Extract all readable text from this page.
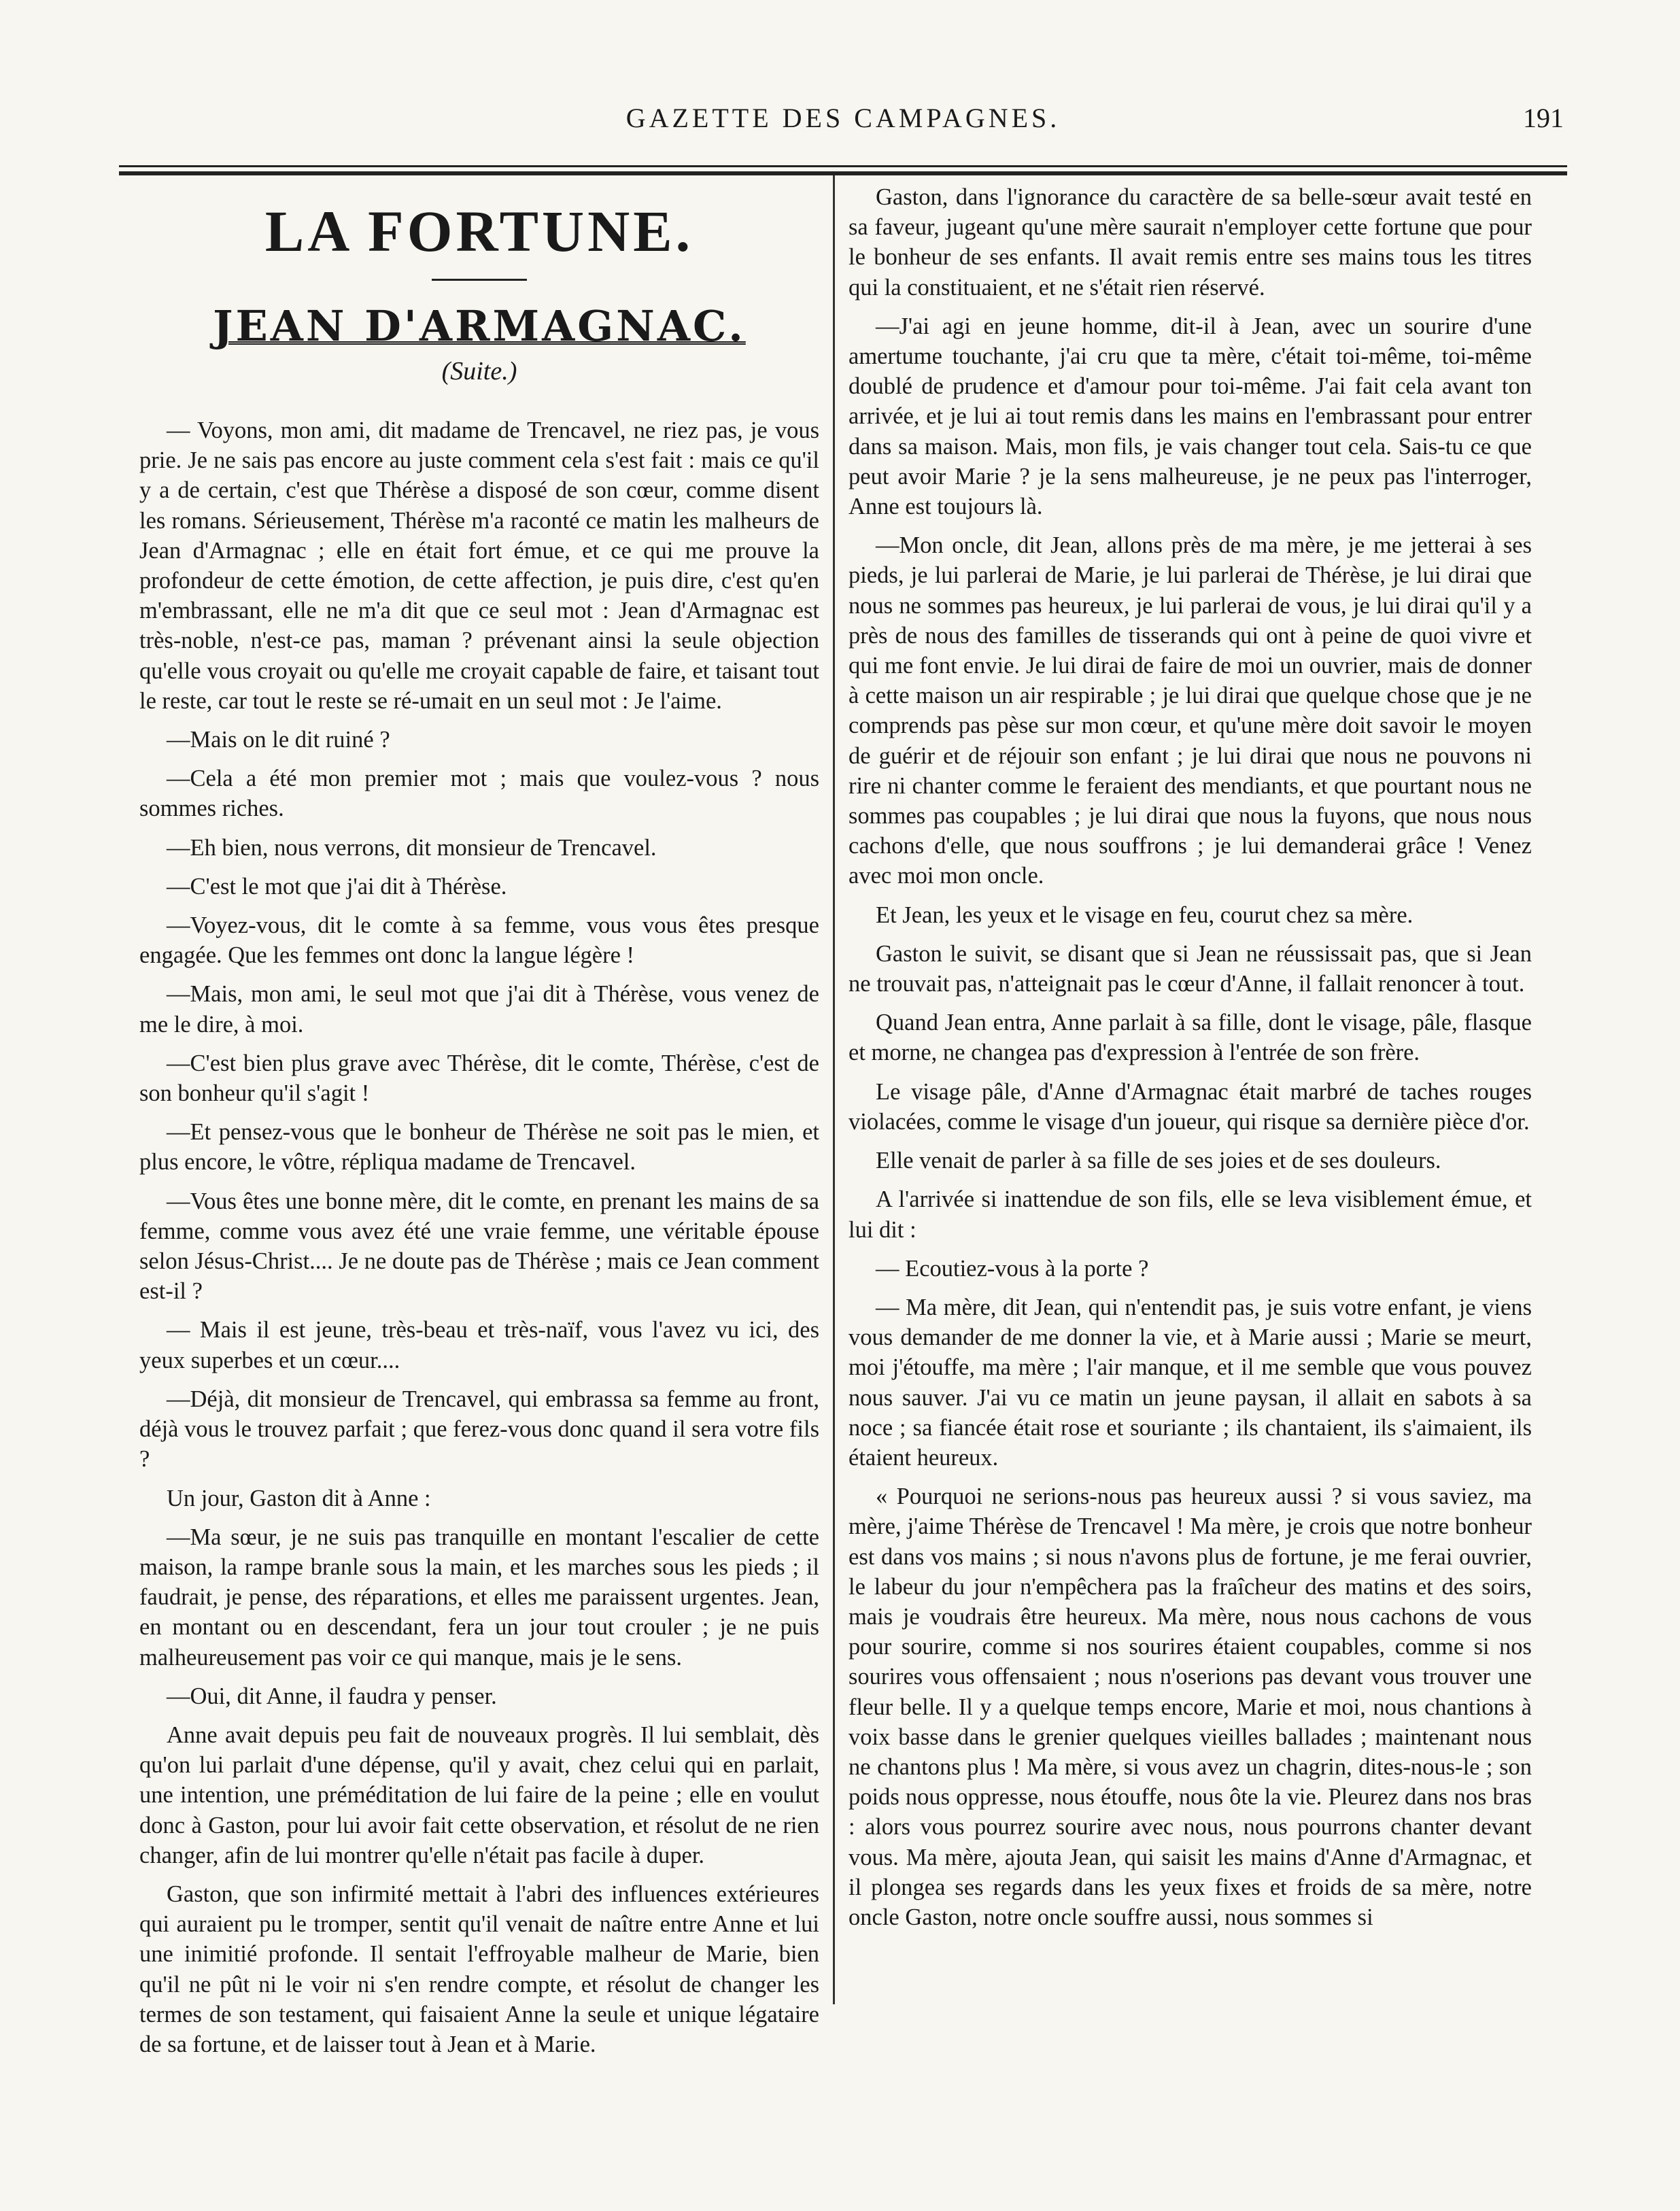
GAZETTE DES CAMPAGNES.	191
LA FORTUNE.
JEAN D'ARMAGNAC.
(Suite.)

— Voyons, mon ami, dit madame de Trencavel, ne riez pas, je vous prie. Je ne sais pas encore au juste comment cela s'est fait : mais ce qu'il y a de certain, c'est que Thérèse a disposé de son cœur, comme disent les romans. Sérieusement, Thérèse m'a raconté ce matin les malheurs de Jean d'Armagnac ; elle en était fort émue, et ce qui me prouve la profondeur de cette émotion, de cette affection, je puis dire, c'est qu'en m'embrassant, elle ne m'a dit que ce seul mot : Jean d'Armagnac est très-noble, n'est-ce pas, maman ? prévenant ainsi la seule objection qu'elle vous croyait ou qu'elle me croyait capable de faire, et taisant tout le reste, car tout le reste se ré-umait en un seul mot : Je l'aime.

—Mais on le dit ruiné ?

—Cela a été mon premier mot ; mais que voulez-vous ? nous sommes riches.

—Eh bien, nous verrons, dit monsieur de Trencavel.

—C'est le mot que j'ai dit à Thérèse.

—Voyez-vous, dit le comte à sa femme, vous vous êtes presque engagée. Que les femmes ont donc la langue légère !

—Mais, mon ami, le seul mot que j'ai dit à Thérèse, vous venez de me le dire, à moi.

—C'est bien plus grave avec Thérèse, dit le comte, Thérèse, c'est de son bonheur qu'il s'agit !

—Et pensez-vous que le bonheur de Thérèse ne soit pas le mien, et plus encore, le vôtre, répliqua madame de Trencavel.

—Vous êtes une bonne mère, dit le comte, en prenant les mains de sa femme, comme vous avez été une vraie femme, une véritable épouse selon Jésus-Christ.... Je ne doute pas de Thérèse ; mais ce Jean comment est-il ?

— Mais il est jeune, très-beau et très-naïf, vous l'avez vu ici, des yeux superbes et un cœur....

—Déjà, dit monsieur de Trencavel, qui embrassa sa femme au front, déjà vous le trouvez parfait ; que ferez-vous donc quand il sera votre fils ?

Un jour, Gaston dit à Anne :

—Ma sœur, je ne suis pas tranquille en montant l'escalier de cette maison, la rampe branle sous la main, et les marches sous les pieds ; il faudrait, je pense, des réparations, et elles me paraissent urgentes. Jean, en montant ou en descendant, fera un jour tout crouler ; je ne puis malheureusement pas voir ce qui manque, mais je le sens.

—Oui, dit Anne, il faudra y penser.

Anne avait depuis peu fait de nouveaux progrès. Il lui semblait, dès qu'on lui parlait d'une dépense, qu'il y avait, chez celui qui en parlait, une intention, une préméditation de lui faire de la peine ; elle en voulut donc à Gaston, pour lui avoir fait cette observation, et résolut de ne rien changer, afin de lui montrer qu'elle n'était pas facile à duper.

Gaston, que son infirmité mettait à l'abri des influences extérieures qui auraient pu le tromper, sentit qu'il venait de naître entre Anne et lui une inimitié profonde. Il sentait l'effroyable malheur de Marie, bien qu'il ne pût ni le voir ni s'en rendre compte, et résolut de changer les termes de son testament, qui faisaient Anne la seule et unique légataire de sa fortune, et de laisser tout à Jean et à Marie.

Gaston, dans l'ignorance du caractère de sa belle-sœur avait testé en sa faveur, jugeant qu'une mère saurait n'employer cette fortune que pour le bonheur de ses enfants. Il avait remis entre ses mains tous les titres qui la constituaient, et ne s'était rien réservé.

—J'ai agi en jeune homme, dit-il à Jean, avec un sourire d'une amertume touchante, j'ai cru que ta mère, c'était toi-même, toi-même doublé de prudence et d'amour pour toi-même. J'ai fait cela avant ton arrivée, et je lui ai tout remis dans les mains en l'embrassant pour entrer dans sa maison. Mais, mon fils, je vais changer tout cela. Sais-tu ce que peut avoir Marie ? je la sens malheureuse, je ne peux pas l'interroger, Anne est toujours là.

—Mon oncle, dit Jean, allons près de ma mère, je me jetterai à ses pieds, je lui parlerai de Marie, je lui parlerai de Thérèse, je lui dirai que nous ne sommes pas heureux, je lui parlerai de vous, je lui dirai qu'il y a près de nous des familles de tisserands qui ont à peine de quoi vivre et qui me font envie. Je lui dirai de faire de moi un ouvrier, mais de donner à cette maison un air respirable ; je lui dirai que quelque chose que je ne comprends pas pèse sur mon cœur, et qu'une mère doit savoir le moyen de guérir et de réjouir son enfant ; je lui dirai que nous ne pouvons ni rire ni chanter comme le feraient des mendiants, et que pourtant nous ne sommes pas coupables ; je lui dirai que nous la fuyons, que nous nous cachons d'elle, que nous souffrons ; je lui demanderai grâce ! Venez avec moi mon oncle.

Et Jean, les yeux et le visage en feu, courut chez sa mère.

Gaston le suivit, se disant que si Jean ne réussissait pas, que si Jean ne trouvait pas, n'atteignait pas le cœur d'Anne, il fallait renoncer à tout.

Quand Jean entra, Anne parlait à sa fille, dont le visage, pâle, flasque et morne, ne changea pas d'expression à l'entrée de son frère.

Le visage pâle, d'Anne d'Armagnac était marbré de taches rouges violacées, comme le visage d'un joueur, qui risque sa dernière pièce d'or.

Elle venait de parler à sa fille de ses joies et de ses douleurs.

A l'arrivée si inattendue de son fils, elle se leva visiblement émue, et lui dit :

— Ecoutiez-vous à la porte ?

— Ma mère, dit Jean, qui n'entendit pas, je suis votre enfant, je viens vous demander de me donner la vie, et à Marie aussi ; Marie se meurt, moi j'étouffe, ma mère ; l'air manque, et il me semble que vous pouvez nous sauver. J'ai vu ce matin un jeune paysan, il allait en sabots à sa noce ; sa fiancée était rose et souriante ; ils chantaient, ils s'aimaient, ils étaient heureux.

« Pourquoi ne serions-nous pas heureux aussi ? si vous saviez, ma mère, j'aime Thérèse de Trencavel ! Ma mère, je crois que notre bonheur est dans vos mains ; si nous n'avons plus de fortune, je me ferai ouvrier, le labeur du jour n'empêchera pas la fraîcheur des matins et des soirs, mais je voudrais être heureux. Ma mère, nous nous cachons de vous pour sourire, comme si nos sourires étaient coupables, comme si nos sourires vous offensaient ; nous n'oserions pas devant vous trouver une fleur belle. Il y a quelque temps encore, Marie et moi, nous chantions à voix basse dans le grenier quelques vieilles ballades ; maintenant nous ne chantons plus ! Ma mère, si vous avez un chagrin, dites-nous-le ; son poids nous oppresse, nous étouffe, nous ôte la vie. Pleurez dans nos bras : alors vous pourrez sourire avec nous, nous pourrons chanter devant vous. Ma mère, ajouta Jean, qui saisit les mains d'Anne d'Armagnac, et il plongea ses regards dans les yeux fixes et froids de sa mère, notre oncle Gaston, notre oncle souffre aussi, nous sommes si
